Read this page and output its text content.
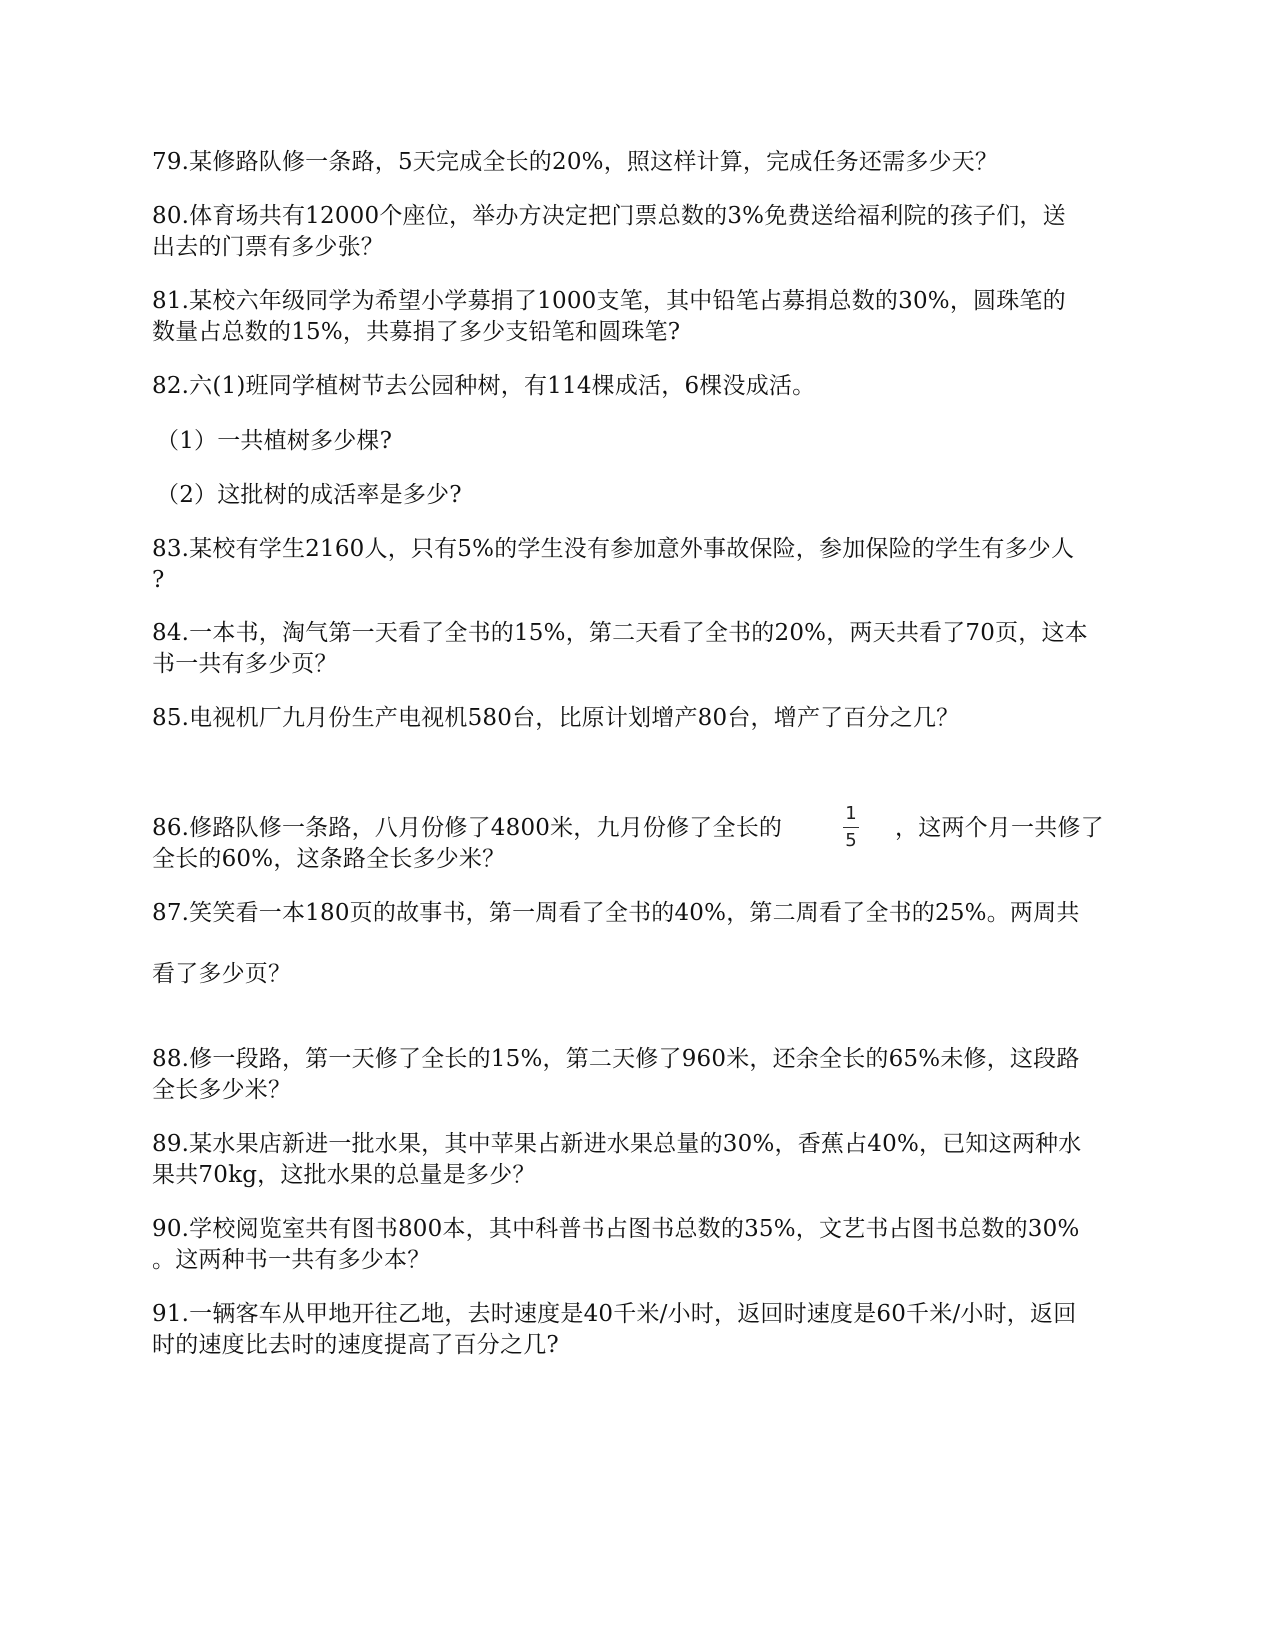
79.某修路队修一条路，5天完成全长的20%，照这样计算，完成任务还需多少天？
80.体育场共有12000个座位，举办方决定把门票总数的3%免费送给福利院的孩子们，送
出去的门票有多少张？
81.某校六年级同学为希望小学募捐了1000支笔，其中铅笔占募捐总数的30%，圆珠笔的
数量占总数的15%，共募捐了多少支铅笔和圆珠笔?
82.六(1)班同学植树节去公园种树，有114棵成活，6棵没成活。
（1）一共植树多少棵?
（2）这批树的成活率是多少?
83.某校有学生2160人，只有5%的学生没有参加意外事故保险，参加保险的学生有多少人
?
84.一本书，淘气第一天看了全书的15%，第二天看了全书的20%，两天共看了70页，这本
书一共有多少页？
85.电视机厂九月份生产电视机580台，比原计划增产80台，增产了百分之几？
86.修路队修一条路，八月份修了4800米，九月份修了全长的
1
5 ，这两个月一共修了
全长的60%，这条路全长多少米？
87.笑笑看一本180页的故事书，第一周看了全书的40%，第二周看了全书的25%。两周共
看了多少页？
88.修一段路，第一天修了全长的15%，第二天修了960米，还余全长的65%未修，这段路
全长多少米？
89.某水果店新进一批水果，其中苹果占新进水果总量的30%，香蕉占40%，已知这两种水
果共70kg，这批水果的总量是多少？
90.学校阅览室共有图书800本，其中科普书占图书总数的35%，文艺书占图书总数的30%
。这两种书一共有多少本？
91.一辆客车从甲地开往乙地，去时速度是40千米/小时，返回时速度是60千米/小时，返回
时的速度比去时的速度提高了百分之几?
